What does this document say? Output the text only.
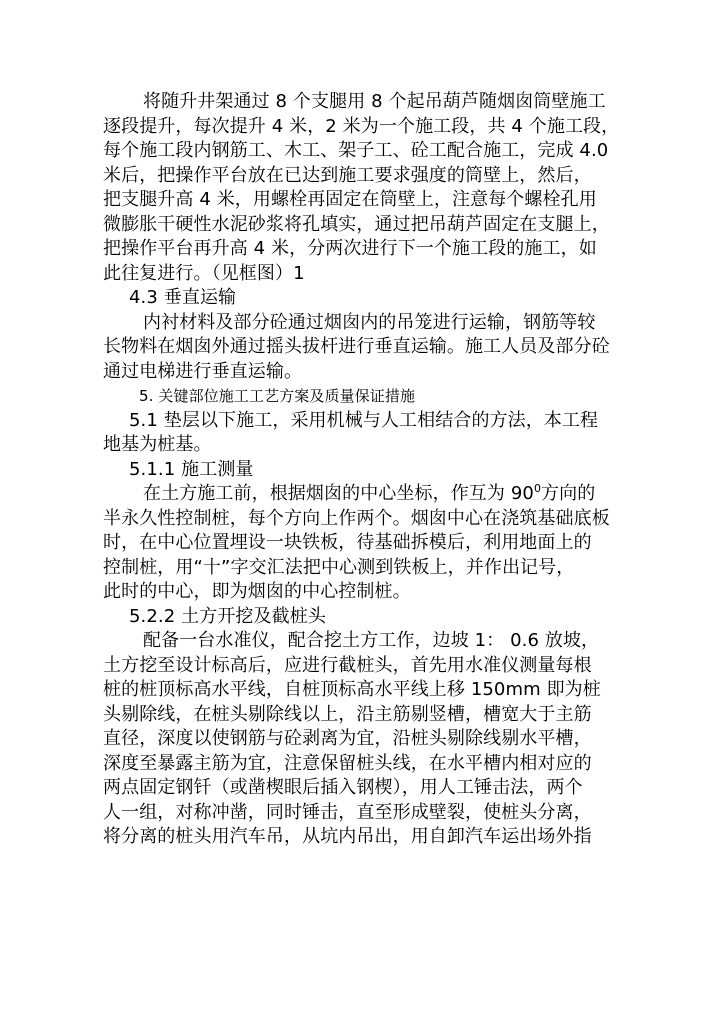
将随升井架通过 8 个支腿用 8 个起吊葫芦随烟囱筒壁施工
逐段提升，每次提升 4 米，2 米为一个施工段，共 4 个施工段，
每个施工段内钢筋工、木工、架子工、砼工配合施工，完成 4.0
米后，把操作平台放在已达到施工要求强度的筒壁上，然后，
把支腿升高 4 米，用螺栓再固定在筒壁上，注意每个螺栓孔用
微膨胀干硬性水泥砂浆将孔填实，通过把吊葫芦固定在支腿上，
把操作平台再升高 4 米，分两次进行下一个施工段的施工，如
此往复进行。（见框图）1
4.3 垂直运输
内衬材料及部分砼通过烟囱内的吊笼进行运输，钢筋等较
长物料在烟囱外通过摇头拔杆进行垂直运输。施工人员及部分砼
通过电梯进行垂直运输。
5. 关键部位施工工艺方案及质量保证措施
5.1 垫层以下施工，采用机械与人工相结合的方法，本工程
地基为桩基。
5.1.1 施工测量
在土方施工前，根据烟囱的中心坐标，作互为 $90^0$方向的
半永久性控制桩，每个方向上作两个。烟囱中心在浇筑基础底板
时，在中心位置埋设一块铁板，待基础拆模后，利用地面上的
控制桩，用“十”字交汇法把中心测到铁板上，并作出记号，
此时的中心，即为烟囱的中心控制桩。
5.2.2 土方开挖及截桩头
配备一台水准仪，配合挖土方工作，边坡 1： 0.6 放坡，
土方挖至设计标高后，应进行截桩头，首先用水准仪测量每根
桩的桩顶标高水平线，自桩顶标高水平线上移 150mm 即为桩
头剔除线，在桩头剔除线以上，沿主筋剔竖槽，槽宽大于主筋
直径，深度以使钢筋与砼剥离为宜，沿桩头剔除线剔水平槽，
深度至暴露主筋为宜，注意保留桩头线，在水平槽内相对应的
两点固定钢钎（或凿楔眼后插入钢楔），用人工锤击法，两个
人一组，对称冲凿，同时锤击，直至形成壁裂，使桩头分离，
将分离的桩头用汽车吊，从坑内吊出，用自卸汽车运出场外指
